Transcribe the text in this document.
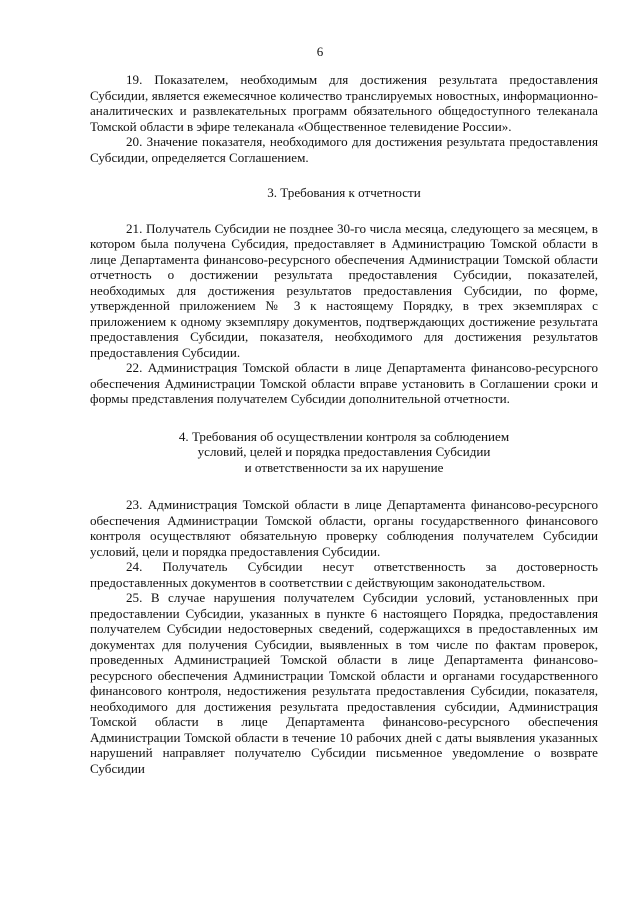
6

19. Показателем, необходимым для достижения результата предоставления Субсидии, является ежемесячное количество транслируемых новостных, информационно-аналитических и развлекательных программ обязательного общедоступного телеканала Томской области в эфире телеканала «Общественное телевидение России».

20. Значение показателя, необходимого для достижения результата предоставления Субсидии, определяется Соглашением.

3. Требования к отчетности

21. Получатель Субсидии не позднее 30-го числа месяца, следующего за месяцем, в котором была получена Субсидия, предоставляет в Администрацию Томской области в лице Департамента финансово-ресурсного обеспечения Администрации Томской области отчетность о достижении результата предоставления Субсидии, показателей, необходимых для достижения результатов предоставления Субсидии, по форме, утвержденной приложением № 3 к настоящему Порядку, в трех экземплярах с приложением к одному экземпляру документов, подтверждающих достижение результата предоставления Субсидии, показателя, необходимого для достижения результатов предоставления Субсидии.

22. Администрация Томской области в лице Департамента финансово-ресурсного обеспечения Администрации Томской области вправе установить в Соглашении сроки и формы представления получателем Субсидии дополнительной отчетности.

4. Требования об осуществлении контроля за соблюдением
условий, целей и порядка предоставления Субсидии
и ответственности за их нарушение

23. Администрация Томской области в лице Департамента финансово-ресурсного обеспечения Администрации Томской области, органы государственного финансового контроля осуществляют обязательную проверку соблюдения получателем Субсидии условий, цели и порядка предоставления Субсидии.

24. Получатель Субсидии несут ответственность за достоверность предоставленных документов в соответствии с действующим законодательством.

25. В случае нарушения получателем Субсидии условий, установленных при предоставлении Субсидии, указанных в пункте 6 настоящего Порядка, предоставления получателем Субсидии недостоверных сведений, содержащихся в предоставленных им документах для получения Субсидии, выявленных в том числе по фактам проверок, проведенных Администрацией Томской области в лице Департамента финансово-ресурсного обеспечения Администрации Томской области и органами государственного финансового контроля, недостижения результата предоставления Субсидии, показателя, необходимого для достижения результата предоставления субсидии, Администрация Томской области в лице Департамента финансово-ресурсного обеспечения Администрации Томской области в течение 10 рабочих дней с даты выявления указанных нарушений направляет получателю Субсидии письменное уведомление о возврате Субсидии
